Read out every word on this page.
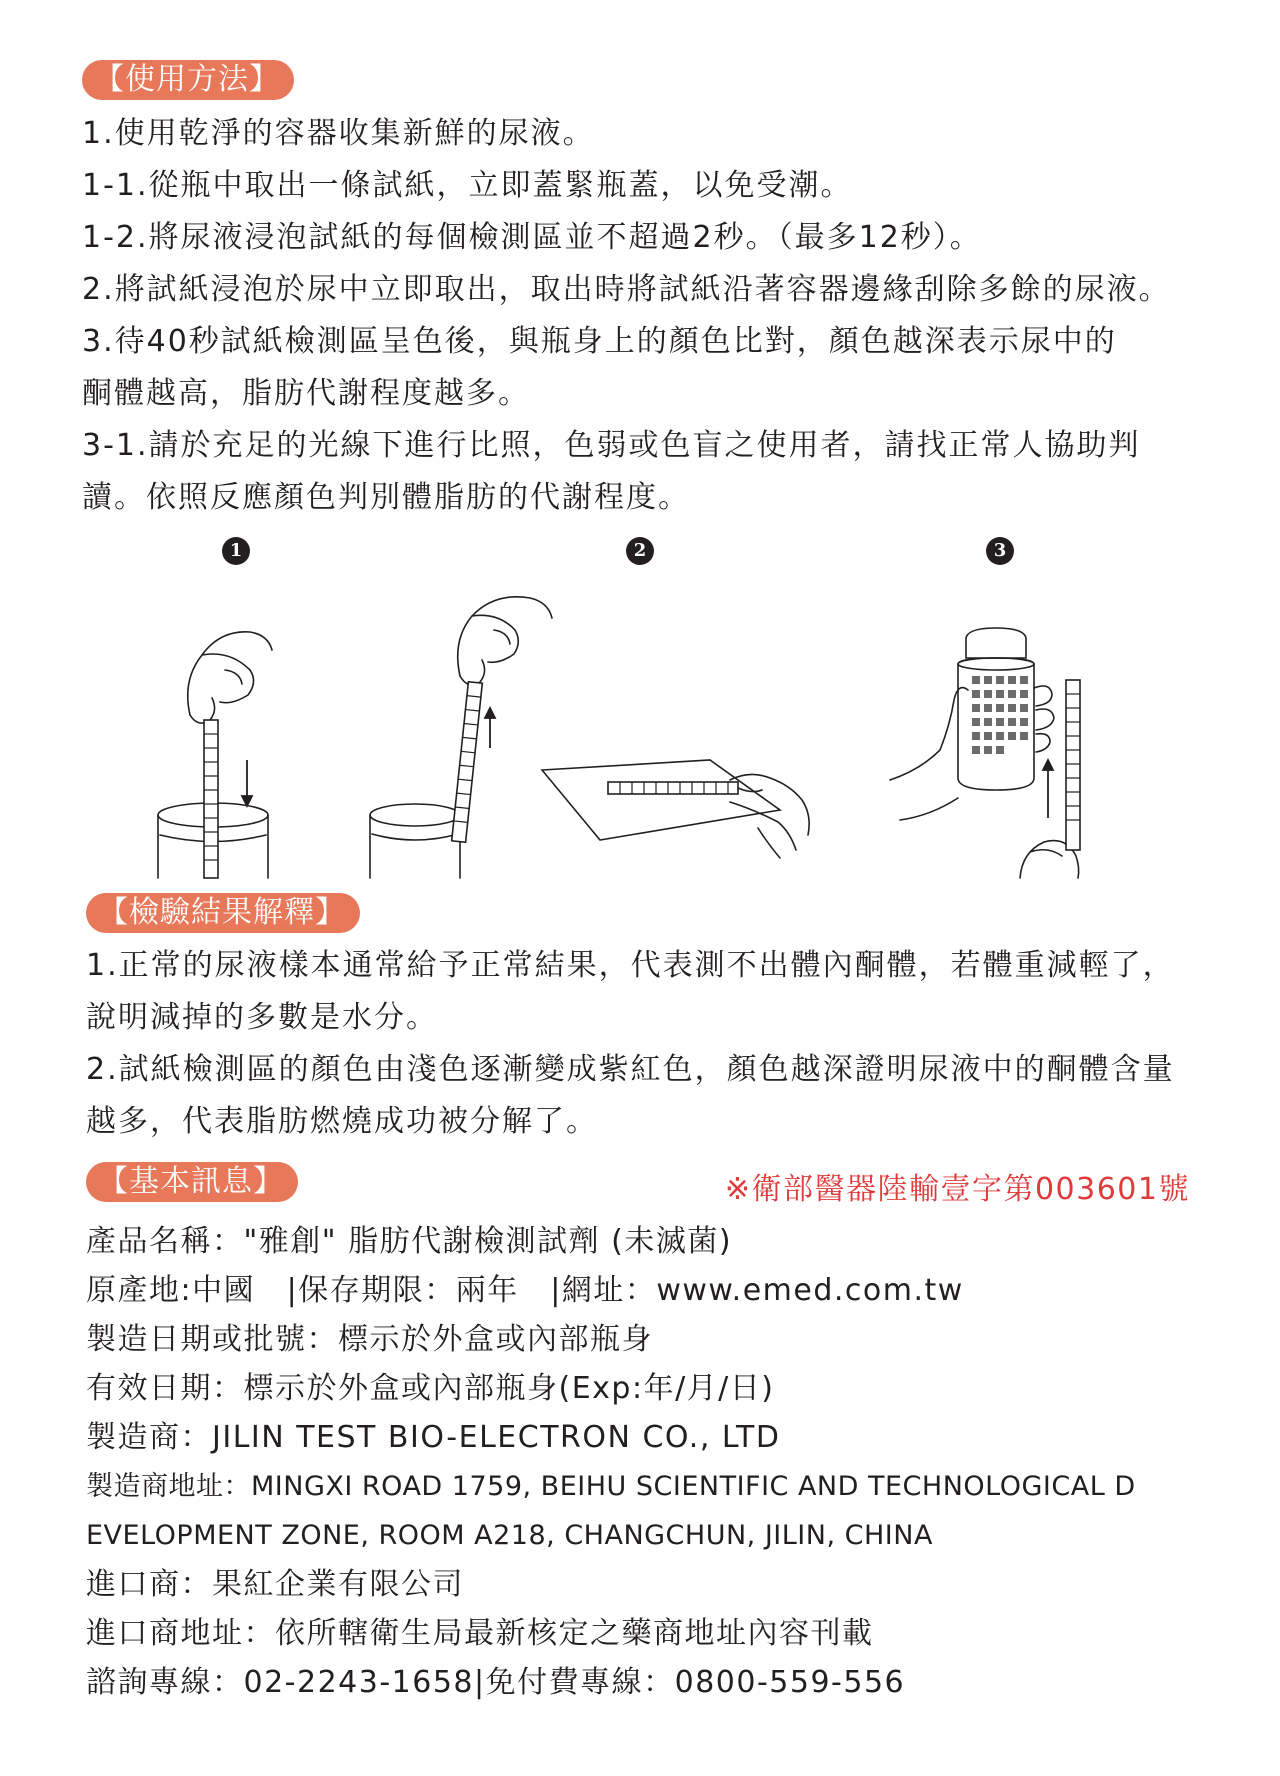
【使用方法】
1.使用乾淨的容器收集新鮮的尿液。
1-1.從瓶中取出一條試紙，立即蓋緊瓶蓋，以免受潮。
1-2.將尿液浸泡試紙的每個檢測區並不超過2秒。（最多12秒）。
2.將試紙浸泡於尿中立即取出，取出時將試紙沿著容器邊緣刮除多餘的尿液。
3.待40秒試紙檢測區呈色後，與瓶身上的顏色比對，顏色越深表示尿中的
酮體越高，脂肪代謝程度越多。
3-1.請於充足的光線下進行比照，色弱或色盲之使用者，請找正常人協助判
讀。依照反應顏色判別體脂肪的代謝程度。
1	2	3
【檢驗結果解釋】
1.正常的尿液樣本通常給予正常結果，代表測不出體內酮體，若體重減輕了，
說明減掉的多數是水分。
2.試紙檢測區的顏色由淺色逐漸變成紫紅色，顏色越深證明尿液中的酮體含量
越多，代表脂肪燃燒成功被分解了。
【基本訊息】	※衛部醫器陸輸壹字第003601號
產品名稱："雅創" 脂肪代謝檢測試劑 (未滅菌)
原產地:中國　|保存期限：兩年　|網址：www.emed.com.tw
製造日期或批號：標示於外盒或內部瓶身
有效日期：標示於外盒或內部瓶身(Exp:年/月/日)
製造商：JILIN TEST BIO-ELECTRON CO., LTD
製造商地址：MINGXI ROAD 1759, BEIHU SCIENTIFIC AND TECHNOLOGICAL D
EVELOPMENT ZONE, ROOM A218, CHANGCHUN, JILIN, CHINA
進口商：果紅企業有限公司
進口商地址：依所轄衛生局最新核定之藥商地址內容刊載
諮詢專線：02-2243-1658|免付費專線：0800-559-556
